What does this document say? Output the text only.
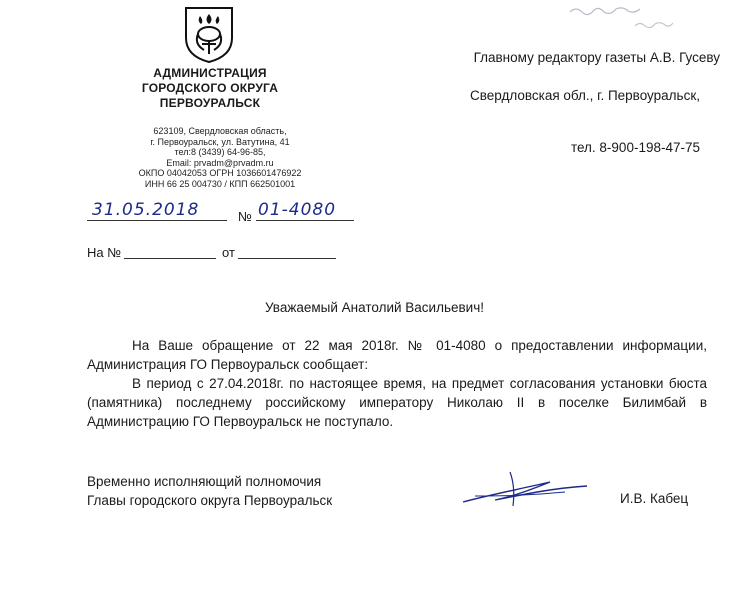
АДМИНИСТРАЦИЯ
ГОРОДСКОГО ОКРУГА
ПЕРВОУРАЛЬСК
623109, Свердловская область,
г. Первоуральск, ул. Ватутина, 41
тел:8 (3439) 64-96-85,
Email: prvadm@prvadm.ru
ОКПО 04042053 ОГРН 1036601476922
ИНН 66 25 004730 / КПП 662501001
31.05.2018	№ 01-4080
На №	от
Главному редактору газеты А.В. Гусеву
Свердловская обл., г. Первоуральск,
тел. 8-900-198-47-75
Уважаемый Анатолий Васильевич!
На Ваше обращение от 22 мая 2018г. № 01-4080 о предоставлении информации, Администрация ГО Первоуральск сообщает:
В период с 27.04.2018г. по настоящее время, на предмет согласования установки бюста (памятника) последнему российскому императору Николаю II в поселке Билимбай в Администрацию ГО Первоуральск не поступало.
Временно исполняющий полномочия
Главы городского округа Первоуральск	И.В. Кабец
